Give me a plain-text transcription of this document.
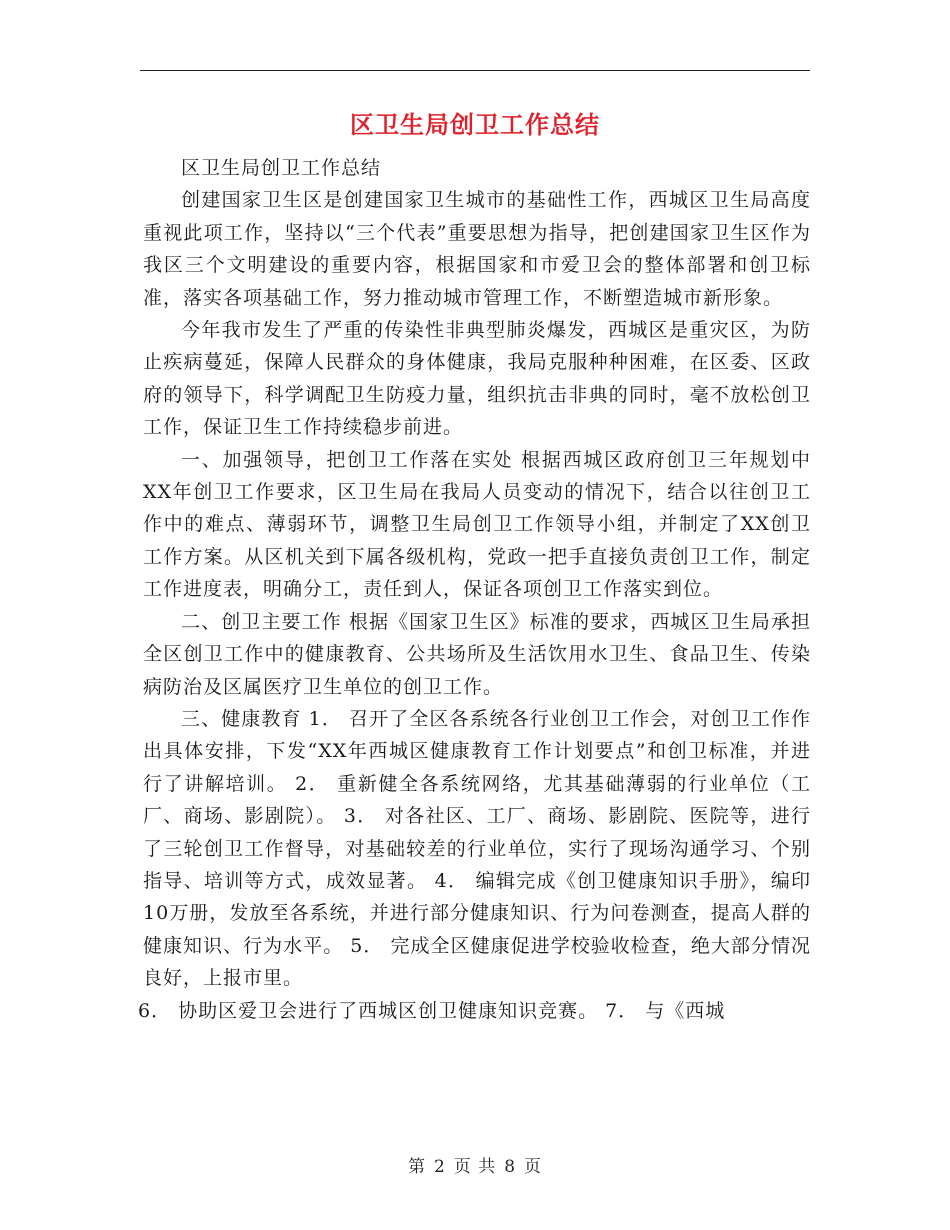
区卫生局创卫工作总结

区卫生局创卫工作总结

创建国家卫生区是创建国家卫生城市的基础性工作，西城区卫生局高度重视此项工作，坚持以“三个代表”重要思想为指导，把创建国家卫生区作为我区三个文明建设的重要内容，根据国家和市爱卫会的整体部署和创卫标准，落实各项基础工作，努力推动城市管理工作，不断塑造城市新形象。

今年我市发生了严重的传染性非典型肺炎爆发，西城区是重灾区，为防止疾病蔓延，保障人民群众的身体健康，我局克服种种困难，在区委、区政府的领导下，科学调配卫生防疫力量，组织抗击非典的同时，毫不放松创卫工作，保证卫生工作持续稳步前进。

一、加强领导，把创卫工作落在实处 根据西城区政府创卫三年规划中XX年创卫工作要求，区卫生局在我局人员变动的情况下，结合以往创卫工作中的难点、薄弱环节，调整卫生局创卫工作领导小组，并制定了XX创卫工作方案。从区机关到下属各级机构，党政一把手直接负责创卫工作，制定工作进度表，明确分工，责任到人，保证各项创卫工作落实到位。

二、创卫主要工作 根据《国家卫生区》标准的要求，西城区卫生局承担全区创卫工作中的健康教育、公共场所及生活饮用水卫生、食品卫生、传染病防治及区属医疗卫生单位的创卫工作。

三、健康教育 1． 召开了全区各系统各行业创卫工作会，对创卫工作作出具体安排，下发“XX年西城区健康教育工作计划要点”和创卫标准，并进行了讲解培训。 2． 重新健全各系统网络，尤其基础薄弱的行业单位（工厂、商场、影剧院）。 3． 对各社区、工厂、商场、影剧院、医院等，进行了三轮创卫工作督导，对基础较差的行业单位，实行了现场沟通学习、个别指导、培训等方式，成效显著。 4． 编辑完成《创卫健康知识手册》，编印10万册，发放至各系统，并进行部分健康知识、行为问卷测查，提高人群的健康知识、行为水平。 5． 完成全区健康促进学校验收检查，绝大部分情况良好，上报市里。

6． 协助区爱卫会进行了西城区创卫健康知识竞赛。 7． 与《西城

第 2 页 共 8 页
